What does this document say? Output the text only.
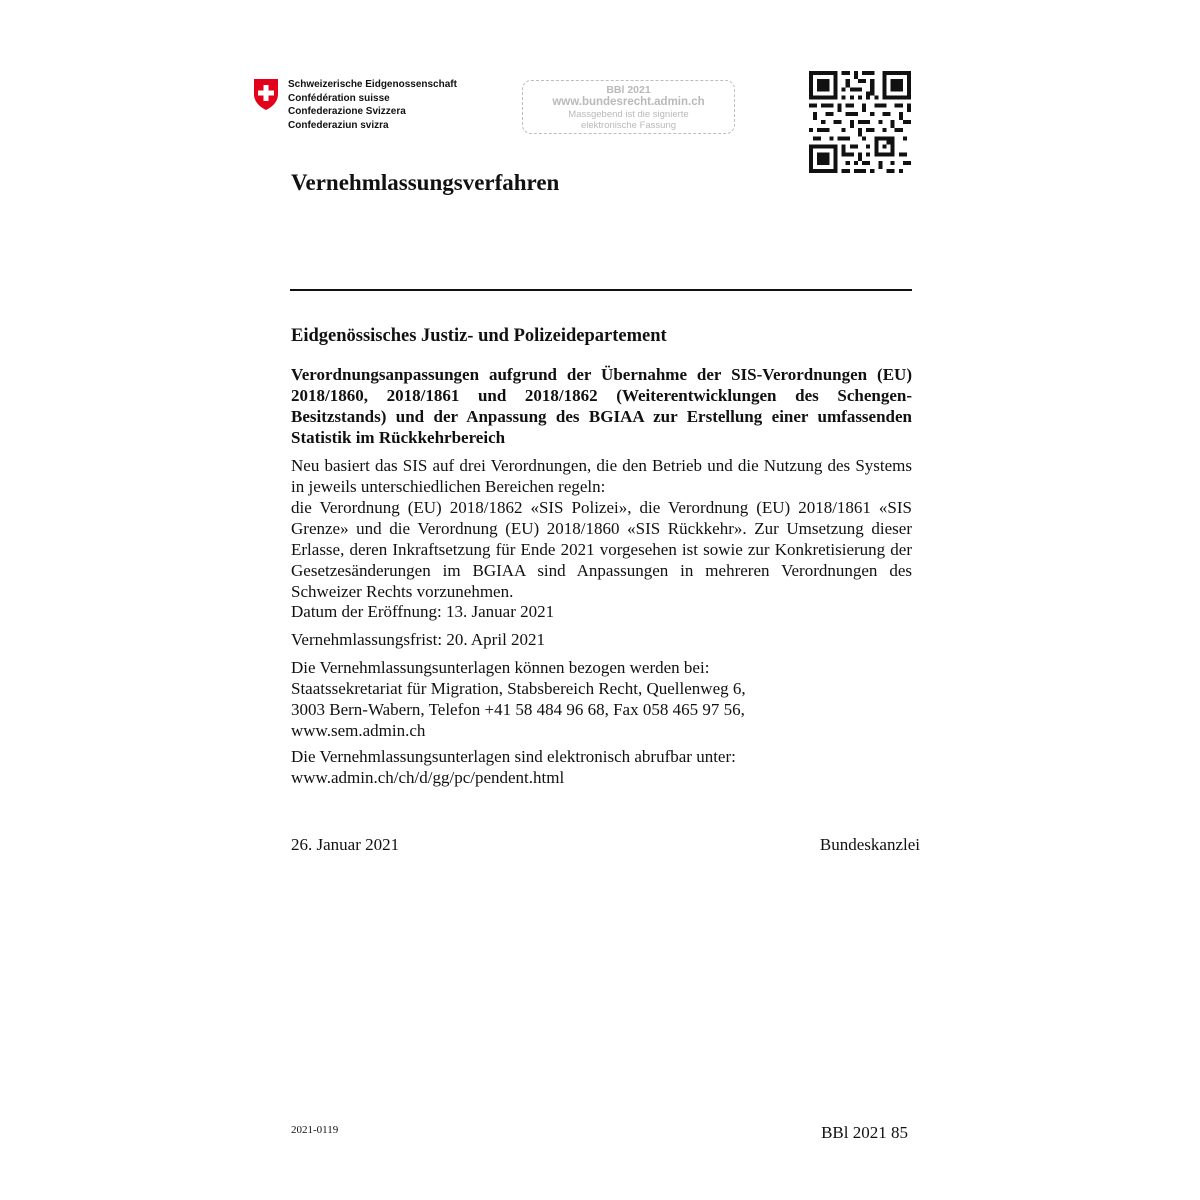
Schweizerische Eidgenossenschaft
Confédération suisse
Confederazione Svizzera
Confederaziun svizra
BBl 2021
www.bundesrecht.admin.ch
Massgebend ist die signierte
elektronische Fassung
Vernehmlassungsverfahren
Eidgenössisches Justiz- und Polizeidepartement
Verordnungsanpassungen aufgrund der Übernahme der SIS-Verordnungen (EU) 2018/1860, 2018/1861 und 2018/1862 (Weiterentwicklungen des Schengen-Besitzstands) und der Anpassung des BGIAA zur Erstellung einer umfassenden Statistik im Rückkehrbereich
Neu basiert das SIS auf drei Verordnungen, die den Betrieb und die Nutzung des Systems in jeweils unterschiedlichen Bereichen regeln:
die Verordnung (EU) 2018/1862 «SIS Polizei», die Verordnung (EU) 2018/1861 «SIS Grenze» und die Verordnung (EU) 2018/1860 «SIS Rückkehr». Zur Umsetzung dieser Erlasse, deren Inkraftsetzung für Ende 2021 vorgesehen ist sowie zur Konkretisierung der Gesetzesänderungen im BGIAA sind Anpassungen in mehreren Verordnungen des Schweizer Rechts vorzunehmen.
Datum der Eröffnung: 13. Januar 2021
Vernehmlassungsfrist: 20. April 2021
Die Vernehmlassungsunterlagen können bezogen werden bei:
Staatssekretariat für Migration, Stabsbereich Recht, Quellenweg 6,
3003 Bern-Wabern, Telefon +41 58 484 96 68, Fax 058 465 97 56,
www.sem.admin.ch
Die Vernehmlassungsunterlagen sind elektronisch abrufbar unter:
www.admin.ch/ch/d/gg/pc/pendent.html
26. Januar 2021	Bundeskanzlei
2021-0119	BBl 2021 85
